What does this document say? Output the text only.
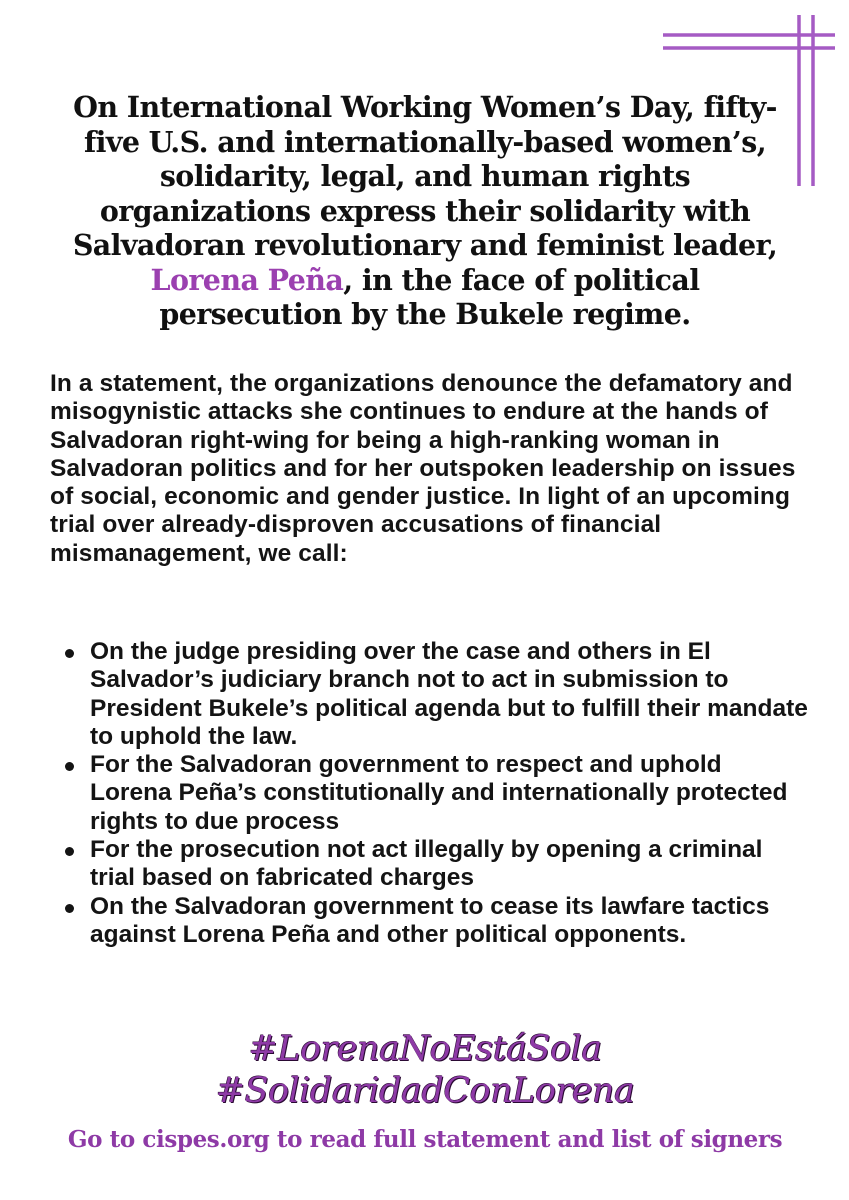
On International Working Women’s Day, fifty-five U.S. and internationally-based women’s, solidarity, legal, and human rights organizations express their solidarity with Salvadoran revolutionary and feminist leader, Lorena Peña, in the face of political persecution by the Bukele regime.
In a statement, the organizations denounce the defamatory and misogynistic attacks she continues to endure at the hands of Salvadoran right-wing for being a high-ranking woman in Salvadoran politics and for her outspoken leadership on issues of social, economic and gender justice. In light of an upcoming trial over already-disproven accusations of financial mismanagement, we call:
On the judge presiding over the case and others in El Salvador’s judiciary branch not to act in submission to President Bukele’s political agenda but to fulfill their mandate to uphold the law.
For the Salvadoran government to respect and uphold Lorena Peña’s constitutionally and internationally protected rights to due process
For the prosecution not act illegally by opening a criminal trial based on fabricated charges
On the Salvadoran government to cease its lawfare tactics against Lorena Peña and other political opponents.
#LorenaNoEstáSola
#SolidaridadConLorena
Go to cispes.org to read full statement and list of signers
